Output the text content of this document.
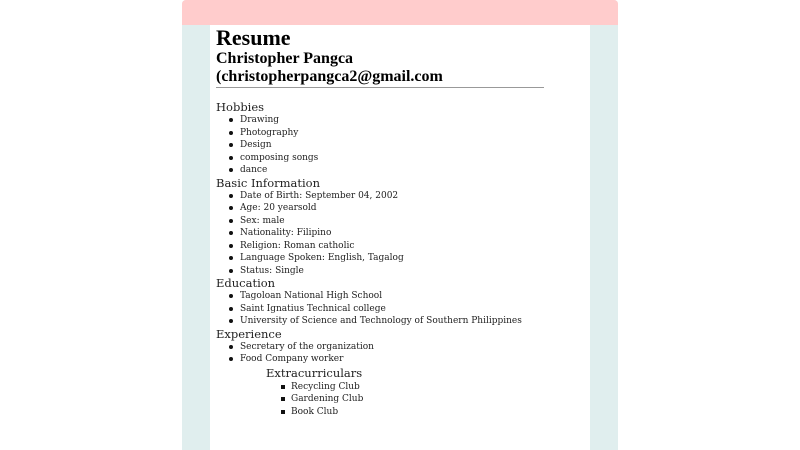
Resume
Christopher Pangca
(christopherpangca2@gmail.com
Hobbies
Drawing
Photography
Design
composing songs
dance
Basic Information
Date of Birth: September 04, 2002
Age: 20 yearsold
Sex: male
Nationality: Filipino
Religion: Roman catholic
Language Spoken: English, Tagalog
Status: Single
Education
Tagoloan National High School
Saint Ignatius Technical college
University of Science and Technology of Southern Philippines
Experience
Secretary of the organization
Food Company worker
Extracurriculars
Recycling Club
Gardening Club
Book Club
